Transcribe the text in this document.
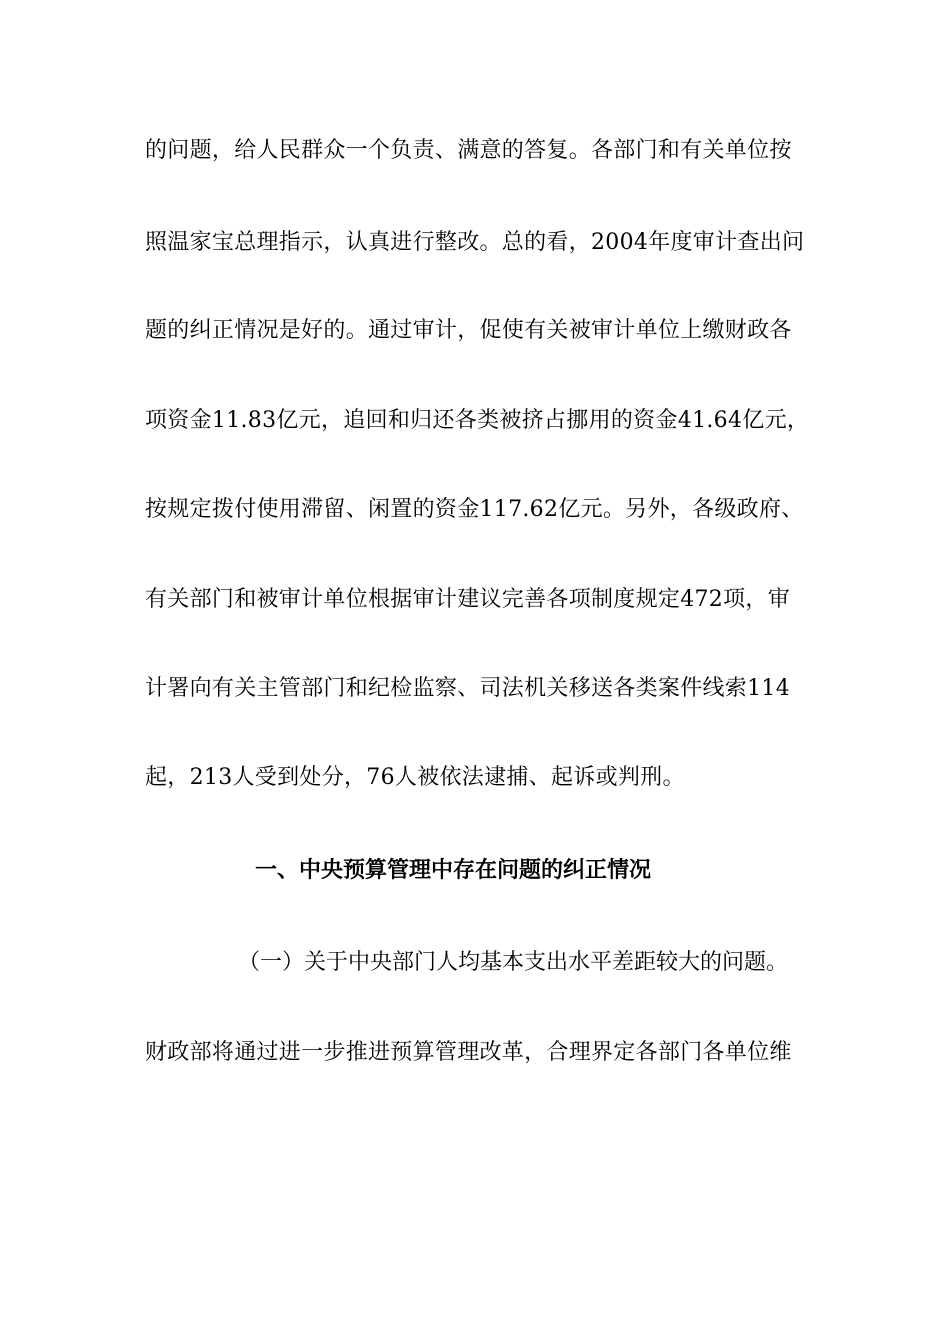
的问题，给人民群众一个负责、满意的答复。各部门和有关单位按
照温家宝总理指示，认真进行整改。总的看，2004年度审计查出问
题的纠正情况是好的。通过审计，促使有关被审计单位上缴财政各
项资金11.83亿元，追回和归还各类被挤占挪用的资金41.64亿元，
按规定拨付使用滞留、闲置的资金117.62亿元。另外，各级政府、
有关部门和被审计单位根据审计建议完善各项制度规定472项，审
计署向有关主管部门和纪检监察、司法机关移送各类案件线索114
起，213人受到处分，76人被依法逮捕、起诉或判刑。
一、中央预算管理中存在问题的纠正情况
（一）关于中央部门人均基本支出水平差距较大的问题。
财政部将通过进一步推进预算管理改革，合理界定各部门各单位维
